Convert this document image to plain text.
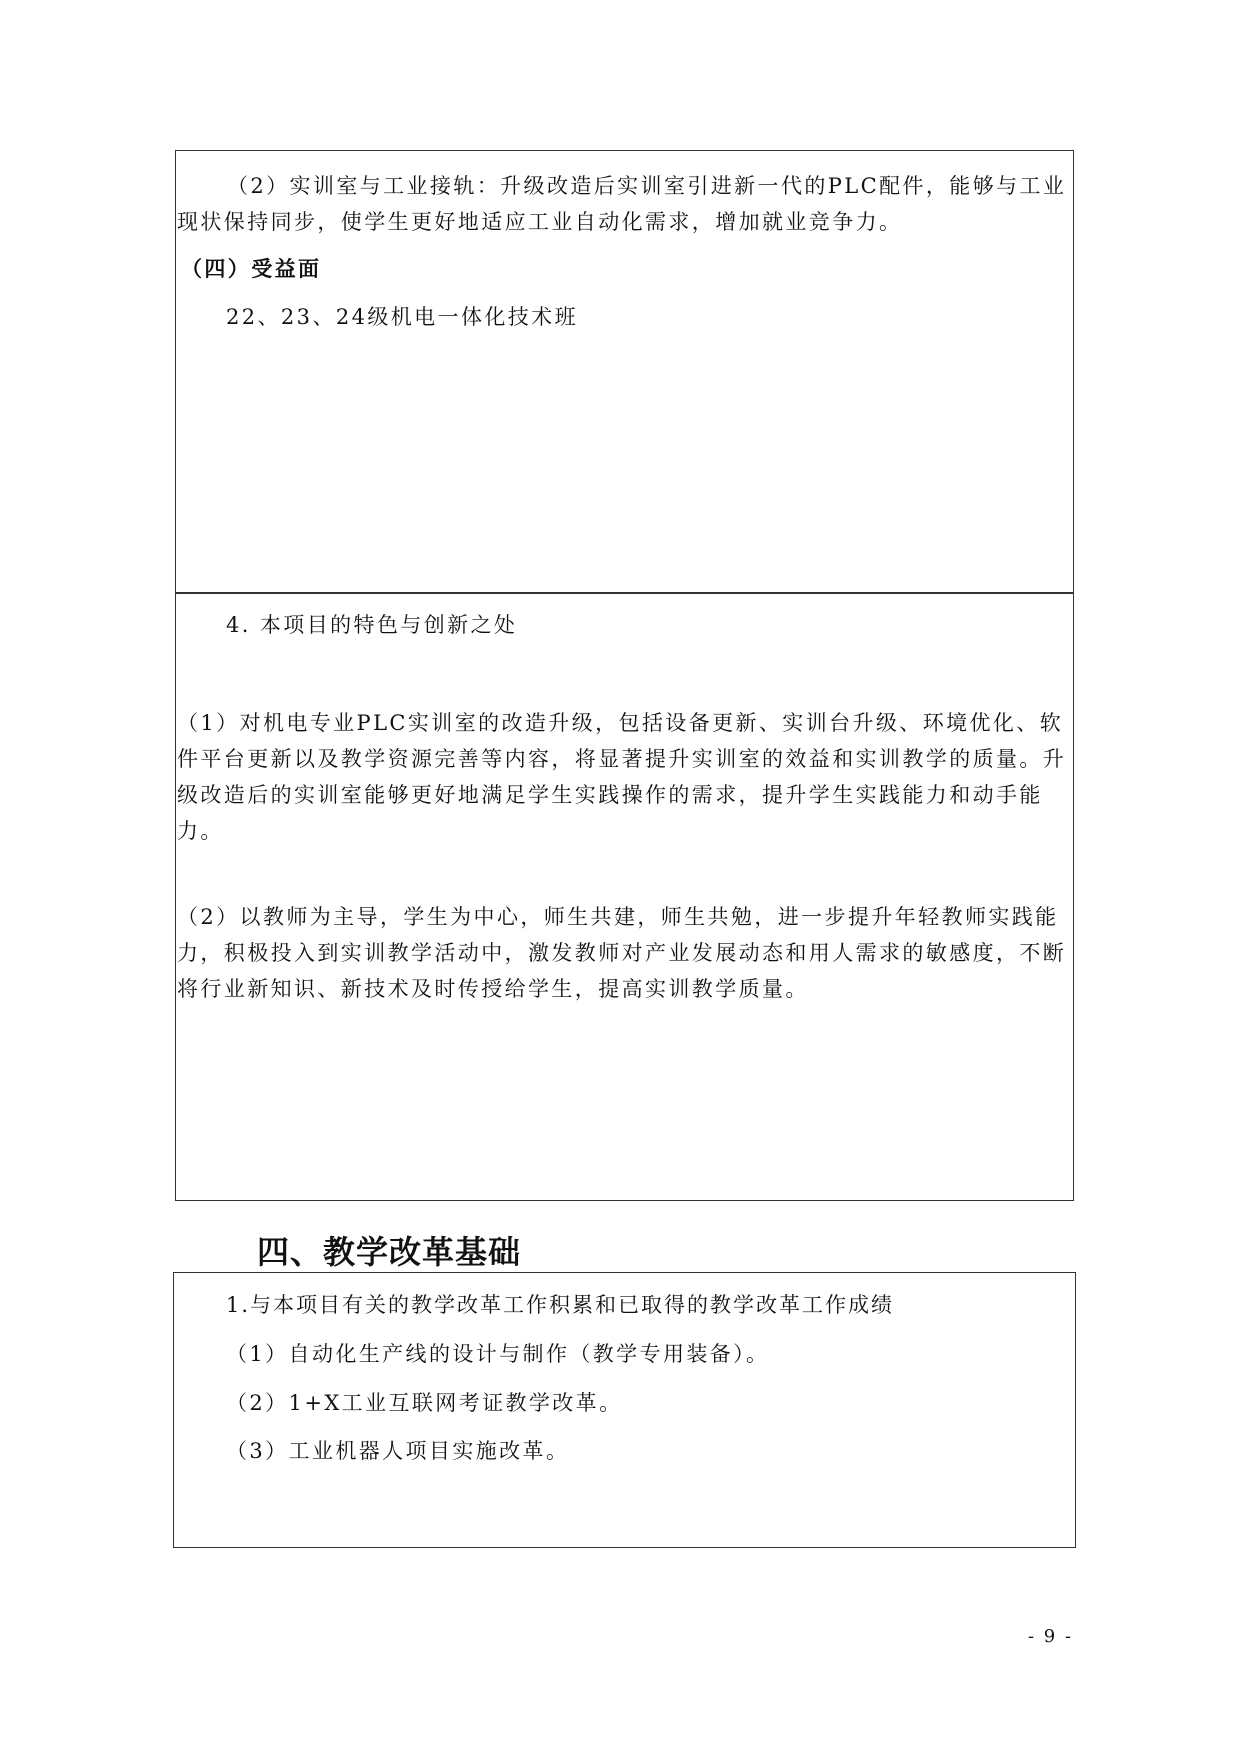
（2）实训室与工业接轨：升级改造后实训室引进新一代的PLC配件，能够与工业现状保持同步，使学生更好地适应工业自动化需求，增加就业竞争力。
（四）受益面
22、23、24级机电一体化技术班
4. 本项目的特色与创新之处
（1）对机电专业PLC实训室的改造升级，包括设备更新、实训台升级、环境优化、软件平台更新以及教学资源完善等内容，将显著提升实训室的效益和实训教学的质量。升级改造后的实训室能够更好地满足学生实践操作的需求，提升学生实践能力和动手能力。
（2）以教师为主导，学生为中心，师生共建，师生共勉，进一步提升年轻教师实践能力，积极投入到实训教学活动中，激发教师对产业发展动态和用人需求的敏感度，不断将行业新知识、新技术及时传授给学生，提高实训教学质量。
四、教学改革基础
1.与本项目有关的教学改革工作积累和已取得的教学改革工作成绩
（1）自动化生产线的设计与制作（教学专用装备）。
（2）1+X工业互联网考证教学改革。
（3）工业机器人项目实施改革。
- 9 -
